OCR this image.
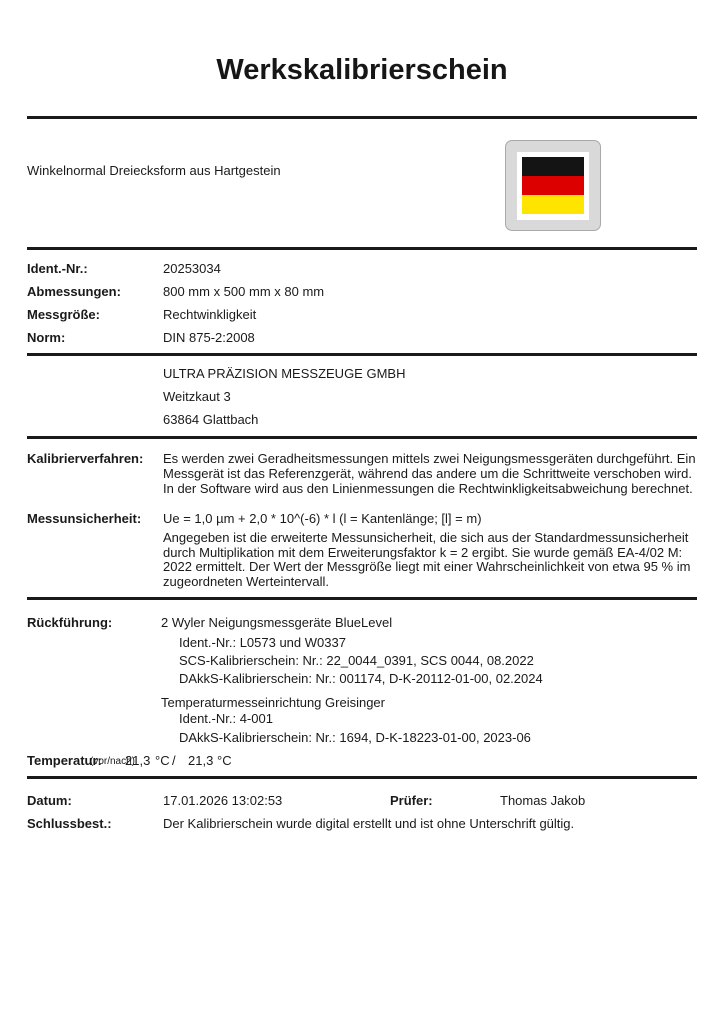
Werkskalibrierschein
Winkelnormal Dreiecksform aus Hartgestein
Ident.-Nr.:	20253034
Abmessungen:	800 mm x 500 mm x 80 mm
Messgröße:	Rechtwinkligkeit
Norm:	DIN 875-2:2008
ULTRA PRÄZISION MESSZEUGE GMBH
Weitzkaut 3
63864 Glattbach
Kalibrierverfahren: Es werden zwei Geradheitsmessungen mittels zwei Neigungsmessgeräten durchgeführt. Ein Messgerät ist das Referenzgerät, während das andere um die Schrittweite verschoben wird. In der Software wird aus den Linienmessungen die Rechtwinkligkeitsabweichung berechnet.
Messunsicherheit: Ue = 1,0 µm + 2,0 * 10^(-6) * l (l = Kantenlänge; [l] = m)
Angegeben ist die erweiterte Messunsicherheit, die sich aus der Standardmessunsicherheit durch Multiplikation mit dem Erweiterungsfaktor k = 2 ergibt. Sie wurde gemäß EA-4/02 M: 2022 ermittelt. Der Wert der Messgröße liegt mit einer Wahrscheinlichkeit von etwa 95 % im zugeordneten Werteintervall.
Rückführung:	2 Wyler Neigungsmessgeräte BlueLevel
Ident.-Nr.: L0573 und W0337
SCS-Kalibrierschein: Nr.: 22_0044_0391, SCS 0044, 08.2022
DAkkS-Kalibrierschein: Nr.: 001174, D-K-20112-01-00, 02.2024
Temperaturmesseinrichtung Greisinger
Ident.-Nr.: 4-001
DAkkS-Kalibrierschein: Nr.: 1694, D-K-18223-01-00, 2023-06
Temperatur:
(vor/nach)
21,3 °C / 21,3 °C
Datum:	17.01.2026 13:02:53	Prüfer:	Thomas Jakob
Schlussbest.:	Der Kalibrierschein wurde digital erstellt und ist ohne Unterschrift gültig.
